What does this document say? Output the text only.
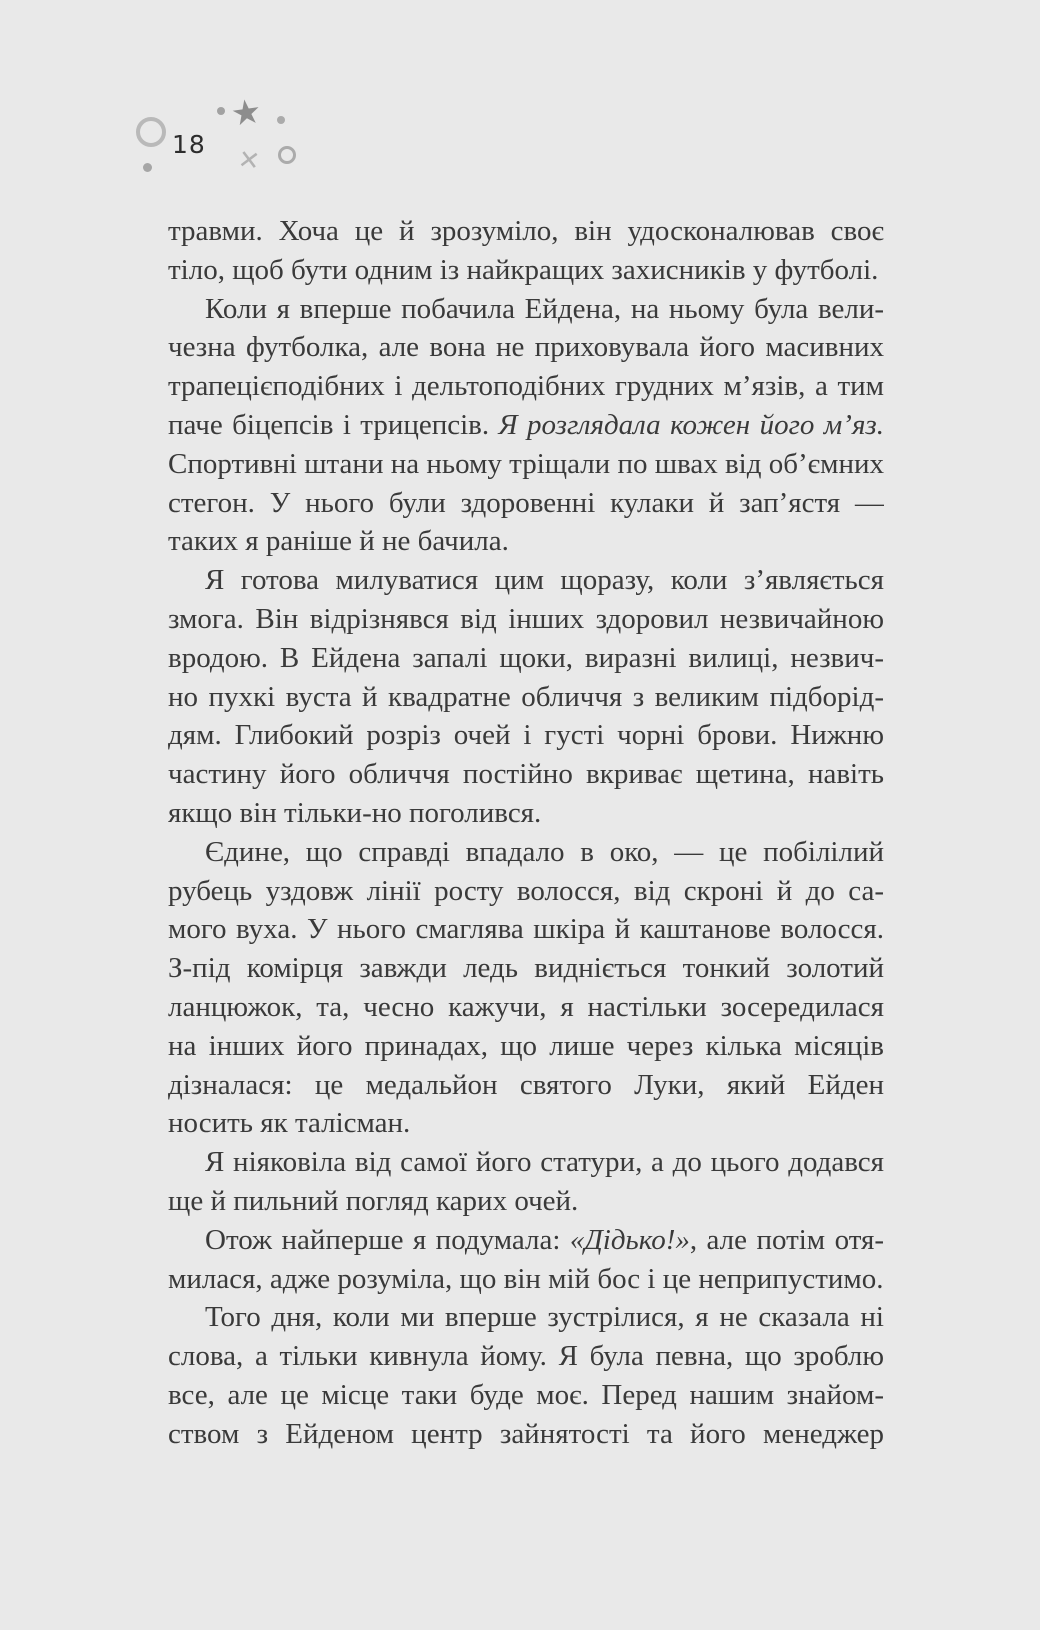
18
★
✕
травми. Хоча це й зрозуміло, він удосконалював своє
тіло, щоб бути одним із найкращих захисників у футболі.
Коли я вперше побачила Ейдена, на ньому була вели-
чезна футболка, але вона не приховувала його масивних
трапецієподібних і дельтоподібних грудних м’язів, а тим
паче біцепсів і трицепсів. Я розглядала кожен його м’яз.
Спортивні штани на ньому тріщали по швах від об’ємних
стегон. У нього були здоровенні кулаки й зап’ястя —
таких я раніше й не бачила.
Я готова милуватися цим щоразу, коли з’являється
змога. Він відрізнявся від інших здоровил незвичайною
вродою. В Ейдена запалі щоки, виразні вилиці, незвич-
но пухкі вуста й квадратне обличчя з великим підборід-
дям. Глибокий розріз очей і густі чорні брови. Нижню
частину його обличчя постійно вкриває щетина, навіть
якщо він тільки-но поголився.
Єдине, що справді впадало в око, — це побілілий
рубець уздовж лінії росту волосся, від скроні й до са-
мого вуха. У нього смаглява шкіра й каштанове волосся.
З-під комірця завжди ледь видніється тонкий золотий
ланцюжок, та, чесно кажучи, я настільки зосередилася
на інших його принадах, що лише через кілька місяців
дізналася: це медальйон святого Луки, який Ейден
носить як талісман.
Я ніяковіла від самої його статури, а до цього додався
ще й пильний погляд карих очей.
Отож найперше я подумала: «Дідько!», але потім отя-
милася, адже розуміла, що він мій бос і це неприпустимо.
Того дня, коли ми вперше зустрілися, я не сказала ні
слова, а тільки кивнула йому. Я була певна, що зроблю
все, але це місце таки буде моє. Перед нашим знайом-
ством з Ейденом центр зайнятості та його менеджер
